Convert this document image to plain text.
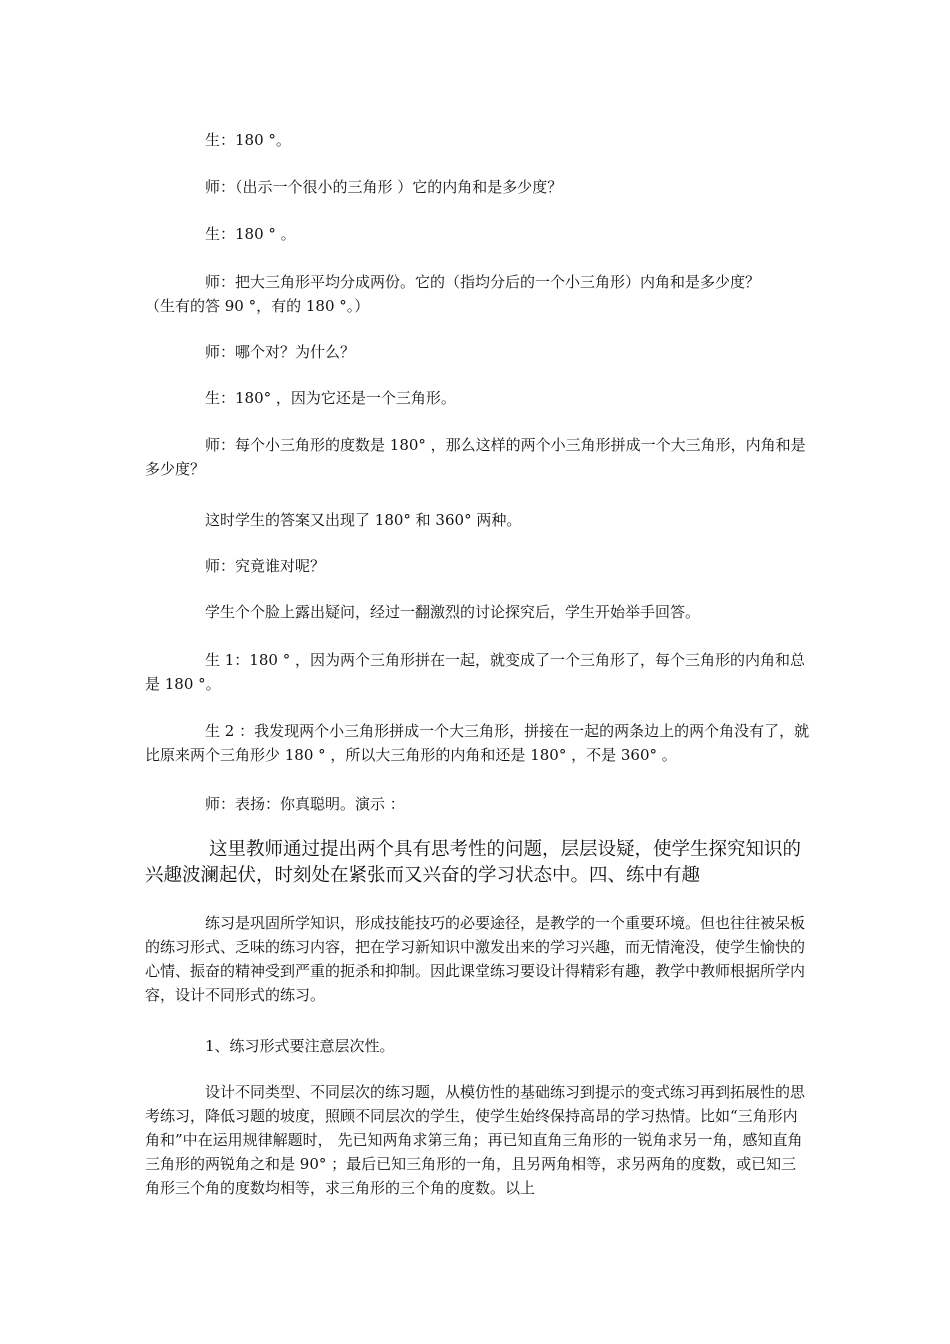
生：180 °。

师：（出示一个很小的三角形 ）它的内角和是多少度？

生：180 ° 。

师：把大三角形平均分成两份。它的（指均分后的一个小三角形）内角和是多少度？

（生有的答 90 °，有的 180 °。）

师：哪个对？为什么？

生：180° ，因为它还是一个三角形。

师：每个小三角形的度数是 180° ，那么这样的两个小三角形拼成一个大三角形，内角和是多少度？

这时学生的答案又出现了 180° 和 360° 两种。

师：究竟谁对呢？

学生个个脸上露出疑问，经过一翻激烈的讨论探究后，学生开始举手回答。

生 1：180 ° ，因为两个三角形拼在一起，就变成了一个三角形了，每个三角形的内角和总是 180 °。

生 2 ：我发现两个小三角形拼成一个大三角形，拼接在一起的两条边上的两个角没有了，就比原来两个三角形少 180 ° ，所以大三角形的内角和还是 180° ，不是 360° 。

师：表扬：你真聪明。演示 ：

这里教师通过提出两个具有思考性的问题，层层设疑，使学生探究知识的兴趣波澜起伏，时刻处在紧张而又兴奋的学习状态中。四、练中有趣

练习是巩固所学知识，形成技能技巧的必要途径，是教学的一个重要环境。但也往往被呆板的练习形式、乏味的练习内容，把在学习新知识中激发出来的学习兴趣，而无情淹没，使学生愉快的心情、振奋的精神受到严重的扼杀和抑制。因此课堂练习要设计得精彩有趣，教学中教师根据所学内容，设计不同形式的练习。

1、练习形式要注意层次性。

设计不同类型、不同层次的练习题，从模仿性的基础练习到提示的变式练习再到拓展性的思考练习，降低习题的坡度，照顾不同层次的学生，使学生始终保持高昂的学习热情。比如“三角形内角和”中在运用规律解题时， 先已知两角求第三角；再已知直角三角形的一锐角求另一角，感知直角三角形的两锐角之和是 90° ；最后已知三角形的一角，且另两角相等，求另两角的度数，或已知三角形三个角的度数均相等，求三角形的三个角的度数。以上
